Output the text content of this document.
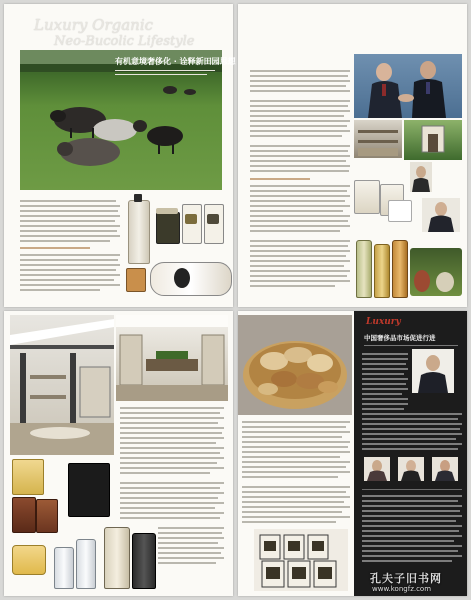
Luxury Organic
Neo-Bucolic Lifestyle
有机意境奢侈化 · 诠释新田园思想
Luxury
中国奢侈品市场促进行进
孔夫子旧书网
www.kongfz.com
